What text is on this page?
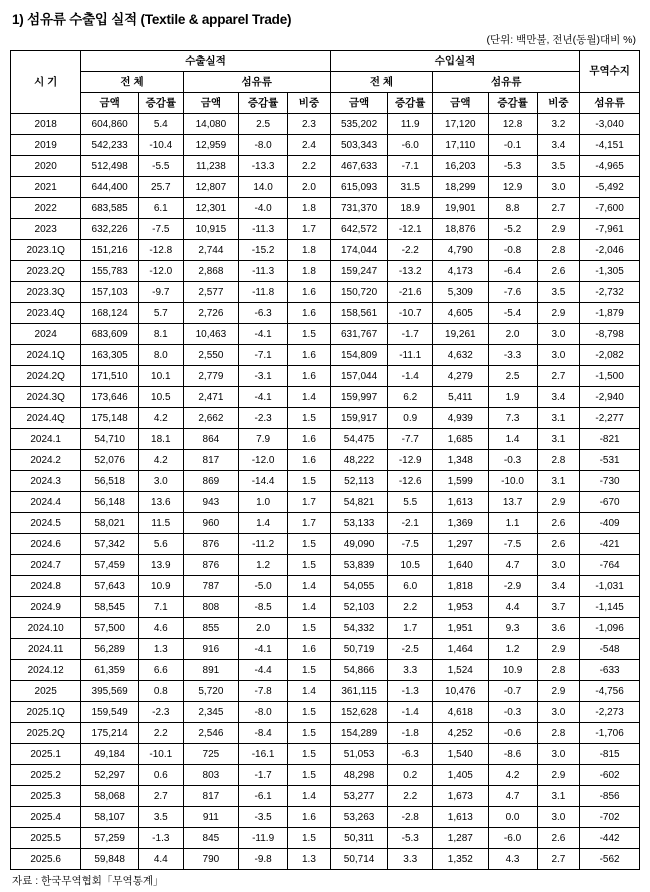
1) 섬유류 수출입 실적 (Textile & apparel Trade)
(단위: 백만불, 전년(동월)대비 %)
시 기	수출실적					수입실적					무역수지
	전 체		섬유류			전 체		섬유류			
	금액	증감률	금액	증감률	비중	금액	증감률	금액	증감률	비중	섬유류
2018	604,860	5.4	14,080	2.5	2.3	535,202	11.9	17,120	12.8	3.2	-3,040
2019	542,233	-10.4	12,959	-8.0	2.4	503,343	-6.0	17,110	-0.1	3.4	-4,151
2020	512,498	-5.5	11,238	-13.3	2.2	467,633	-7.1	16,203	-5.3	3.5	-4,965
2021	644,400	25.7	12,807	14.0	2.0	615,093	31.5	18,299	12.9	3.0	-5,492
2022	683,585	6.1	12,301	-4.0	1.8	731,370	18.9	19,901	8.8	2.7	-7,600
2023	632,226	-7.5	10,915	-11.3	1.7	642,572	-12.1	18,876	-5.2	2.9	-7,961
2023.1Q	151,216	-12.8	2,744	-15.2	1.8	174,044	-2.2	4,790	-0.8	2.8	-2,046
2023.2Q	155,783	-12.0	2,868	-11.3	1.8	159,247	-13.2	4,173	-6.4	2.6	-1,305
2023.3Q	157,103	-9.7	2,577	-11.8	1.6	150,720	-21.6	5,309	-7.6	3.5	-2,732
2023.4Q	168,124	5.7	2,726	-6.3	1.6	158,561	-10.7	4,605	-5.4	2.9	-1,879
2024	683,609	8.1	10,463	-4.1	1.5	631,767	-1.7	19,261	2.0	3.0	-8,798
2024.1Q	163,305	8.0	2,550	-7.1	1.6	154,809	-11.1	4,632	-3.3	3.0	-2,082
2024.2Q	171,510	10.1	2,779	-3.1	1.6	157,044	-1.4	4,279	2.5	2.7	-1,500
2024.3Q	173,646	10.5	2,471	-4.1	1.4	159,997	6.2	5,411	1.9	3.4	-2,940
2024.4Q	175,148	4.2	2,662	-2.3	1.5	159,917	0.9	4,939	7.3	3.1	-2,277
2024.1	54,710	18.1	864	7.9	1.6	54,475	-7.7	1,685	1.4	3.1	-821
2024.2	52,076	4.2	817	-12.0	1.6	48,222	-12.9	1,348	-0.3	2.8	-531
2024.3	56,518	3.0	869	-14.4	1.5	52,113	-12.6	1,599	-10.0	3.1	-730
2024.4	56,148	13.6	943	1.0	1.7	54,821	5.5	1,613	13.7	2.9	-670
2024.5	58,021	11.5	960	1.4	1.7	53,133	-2.1	1,369	1.1	2.6	-409
2024.6	57,342	5.6	876	-11.2	1.5	49,090	-7.5	1,297	-7.5	2.6	-421
2024.7	57,459	13.9	876	1.2	1.5	53,839	10.5	1,640	4.7	3.0	-764
2024.8	57,643	10.9	787	-5.0	1.4	54,055	6.0	1,818	-2.9	3.4	-1,031
2024.9	58,545	7.1	808	-8.5	1.4	52,103	2.2	1,953	4.4	3.7	-1,145
2024.10	57,500	4.6	855	2.0	1.5	54,332	1.7	1,951	9.3	3.6	-1,096
2024.11	56,289	1.3	916	-4.1	1.6	50,719	-2.5	1,464	1.2	2.9	-548
2024.12	61,359	6.6	891	-4.4	1.5	54,866	3.3	1,524	10.9	2.8	-633
2025	395,569	0.8	5,720	-7.8	1.4	361,115	-1.3	10,476	-0.7	2.9	-4,756
2025.1Q	159,549	-2.3	2,345	-8.0	1.5	152,628	-1.4	4,618	-0.3	3.0	-2,273
2025.2Q	175,214	2.2	2,546	-8.4	1.5	154,289	-1.8	4,252	-0.6	2.8	-1,706
2025.1	49,184	-10.1	725	-16.1	1.5	51,053	-6.3	1,540	-8.6	3.0	-815
2025.2	52,297	0.6	803	-1.7	1.5	48,298	0.2	1,405	4.2	2.9	-602
2025.3	58,068	2.7	817	-6.1	1.4	53,277	2.2	1,673	4.7	3.1	-856
2025.4	58,107	3.5	911	-3.5	1.6	53,263	-2.8	1,613	0.0	3.0	-702
2025.5	57,259	-1.3	845	-11.9	1.5	50,311	-5.3	1,287	-6.0	2.6	-442
2025.6	59,848	4.4	790	-9.8	1.3	50,714	3.3	1,352	4.3	2.7	-562
자료 : 한국무역협회「무역통계」
